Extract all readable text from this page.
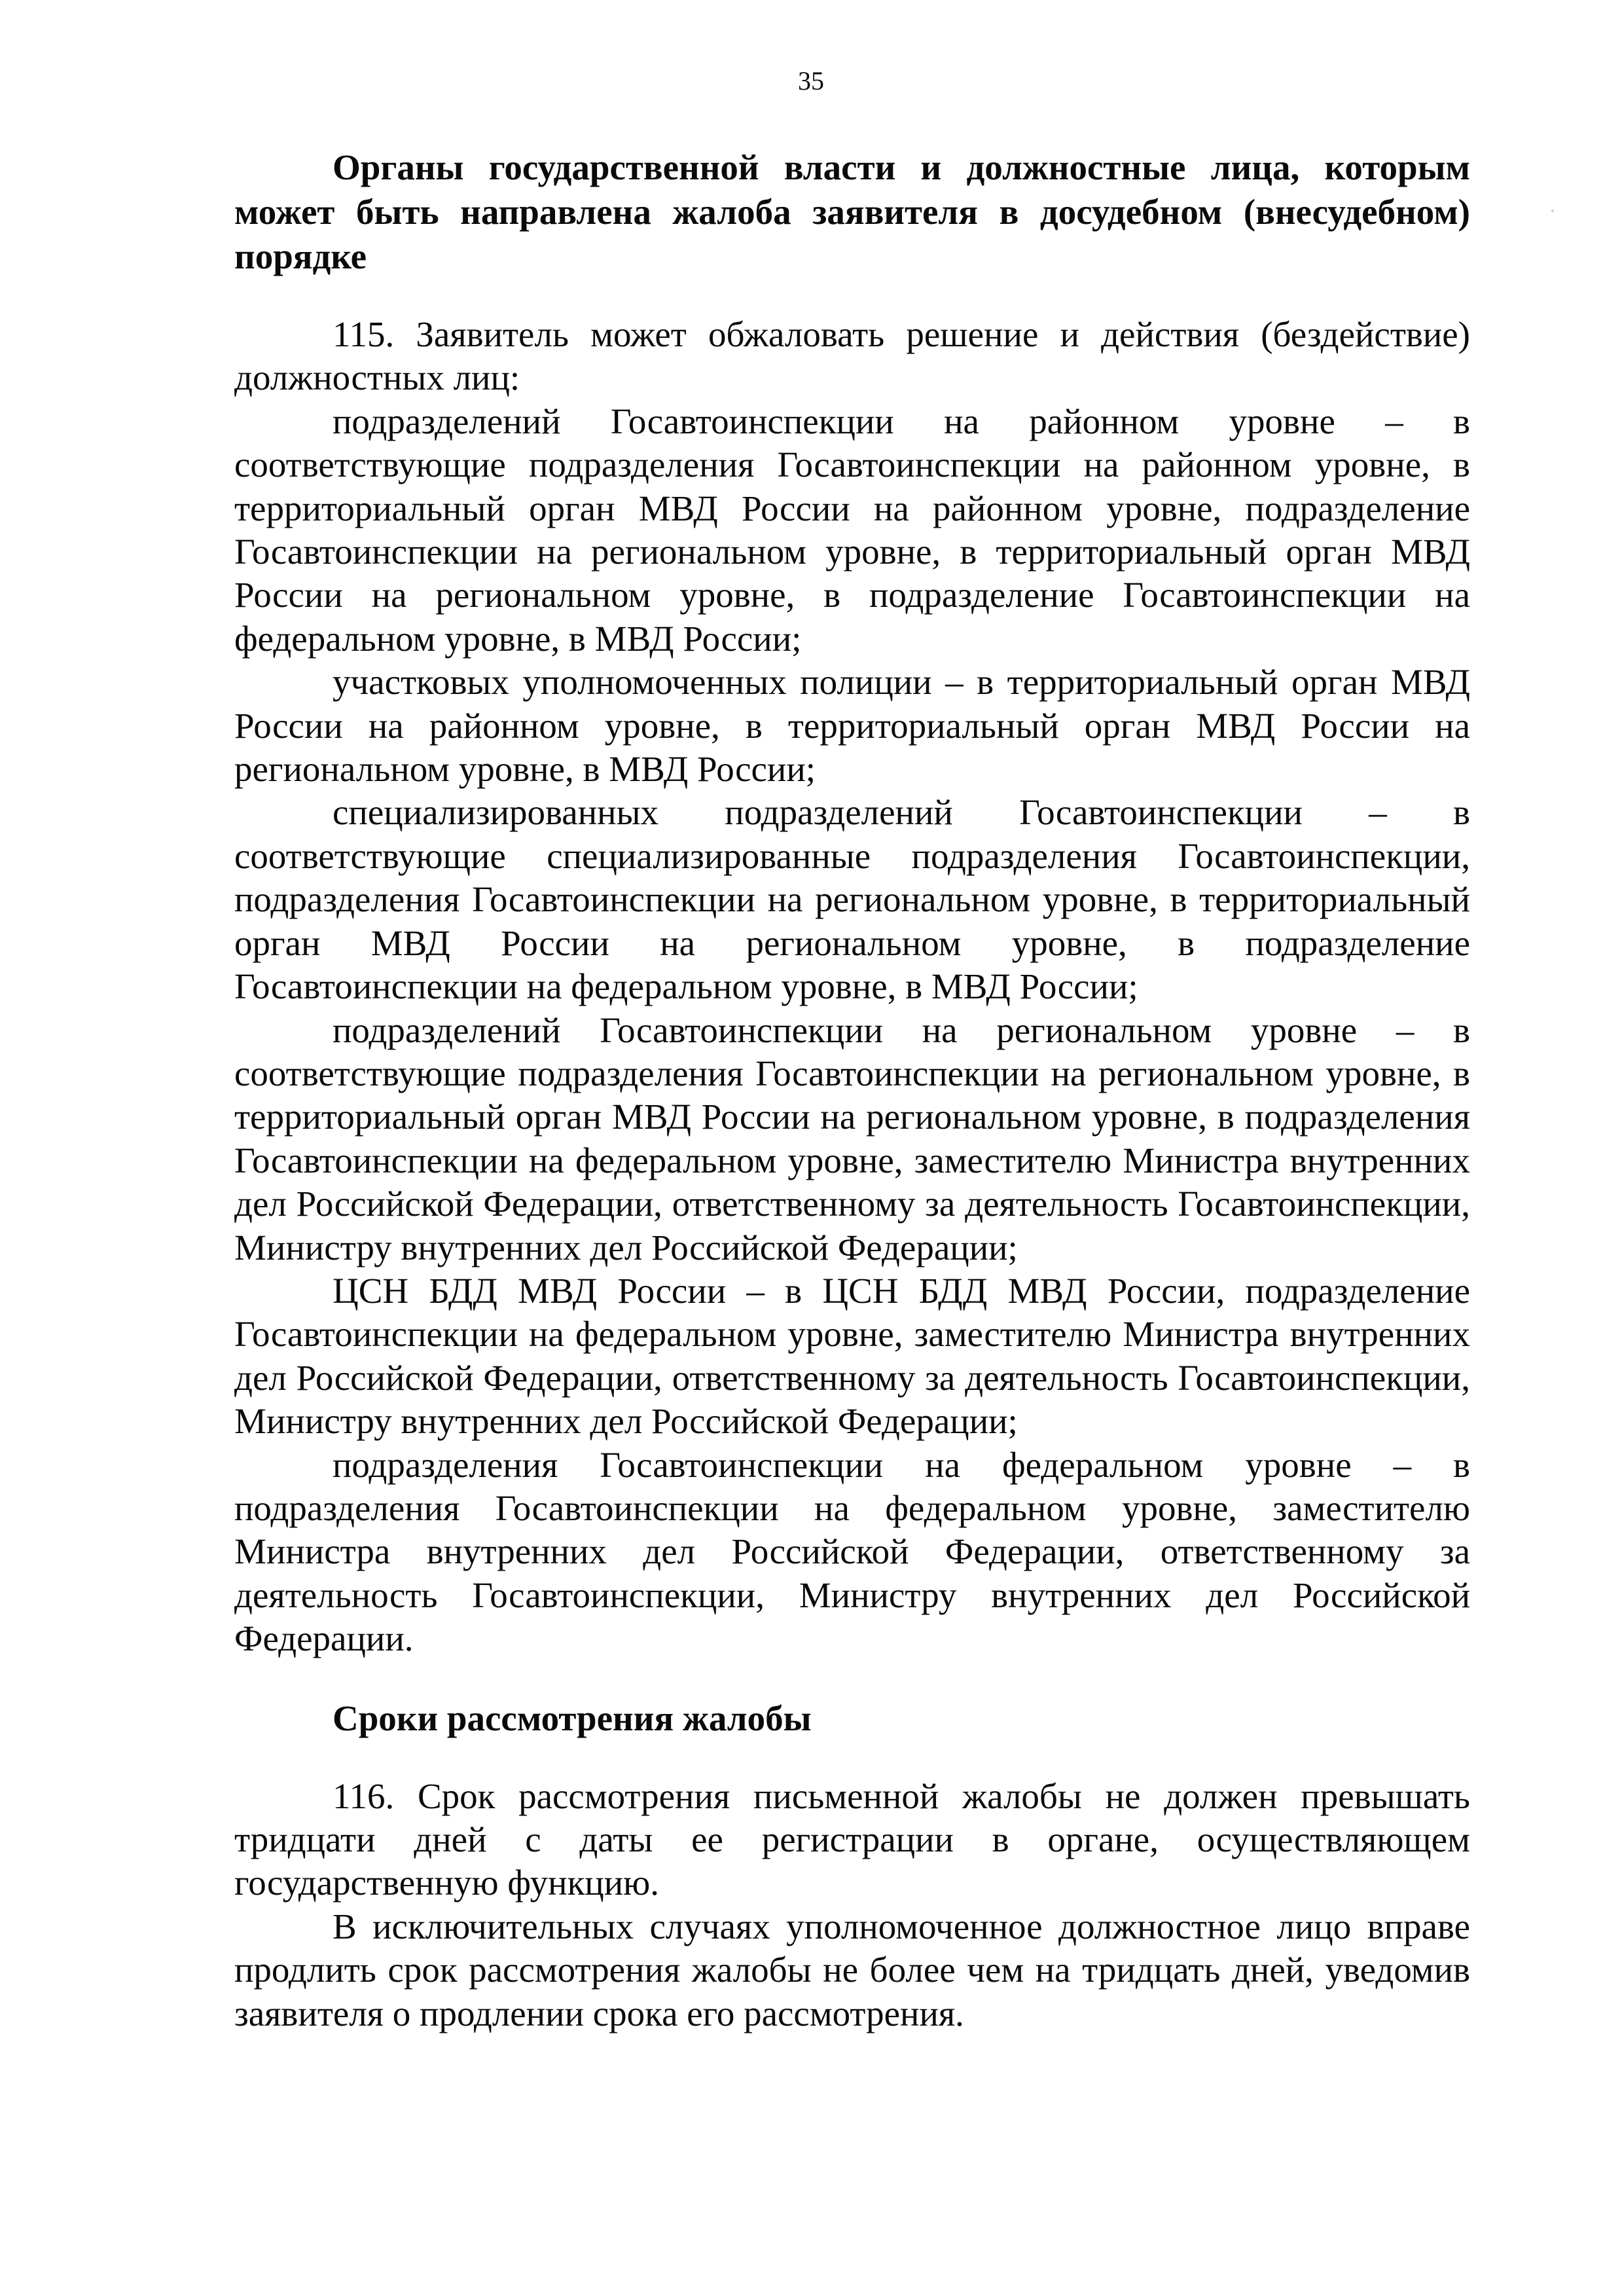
35
Органы государственной власти и должностные лица, которым может быть направлена жалоба заявителя в досудебном (внесудебном) порядке

115. Заявитель может обжаловать решение и действия (бездействие) должностных лиц:

подразделений Госавтоинспекции на районном уровне – в соответствующие подразделения Госавтоинспекции на районном уровне, в территориальный орган МВД России на районном уровне, подразделение Госавтоинспекции на региональном уровне, в территориальный орган МВД России на региональном уровне, в подразделение Госавтоинспекции на федеральном уровне, в МВД России;

участковых уполномоченных полиции – в территориальный орган МВД России на районном уровне, в территориальный орган МВД России на региональном уровне, в МВД России;

специализированных подразделений Госавтоинспекции – в соответствующие специализированные подразделения Госавтоинспекции, подразделения Госавтоинспекции на региональном уровне, в территориальный орган МВД России на региональном уровне, в подразделение Госавтоинспекции на федеральном уровне, в МВД России;

подразделений Госавтоинспекции на региональном уровне – в соответствующие подразделения Госавтоинспекции на региональном уровне, в территориальный орган МВД России на региональном уровне, в подразделения Госавтоинспекции на федеральном уровне, заместителю Министра внутренних дел Российской Федерации, ответственному за деятельность Госавтоинспекции, Министру внутренних дел Российской Федерации;

ЦСН БДД МВД России – в ЦСН БДД МВД России, подразделение Госавтоинспекции на федеральном уровне, заместителю Министра внутренних дел Российской Федерации, ответственному за деятельность Госавтоинспекции, Министру внутренних дел Российской Федерации;

подразделения Госавтоинспекции на федеральном уровне – в подразделения Госавтоинспекции на федеральном уровне, заместителю Министра внутренних дел Российской Федерации, ответственному за деятельность Госавтоинспекции, Министру внутренних дел Российской Федерации.

Сроки рассмотрения жалобы

116. Срок рассмотрения письменной жалобы не должен превышать тридцати дней с даты ее регистрации в органе, осуществляющем государственную функцию.

В исключительных случаях уполномоченное должностное лицо вправе продлить срок рассмотрения жалобы не более чем на тридцать дней, уведомив заявителя о продлении срока его рассмотрения.
